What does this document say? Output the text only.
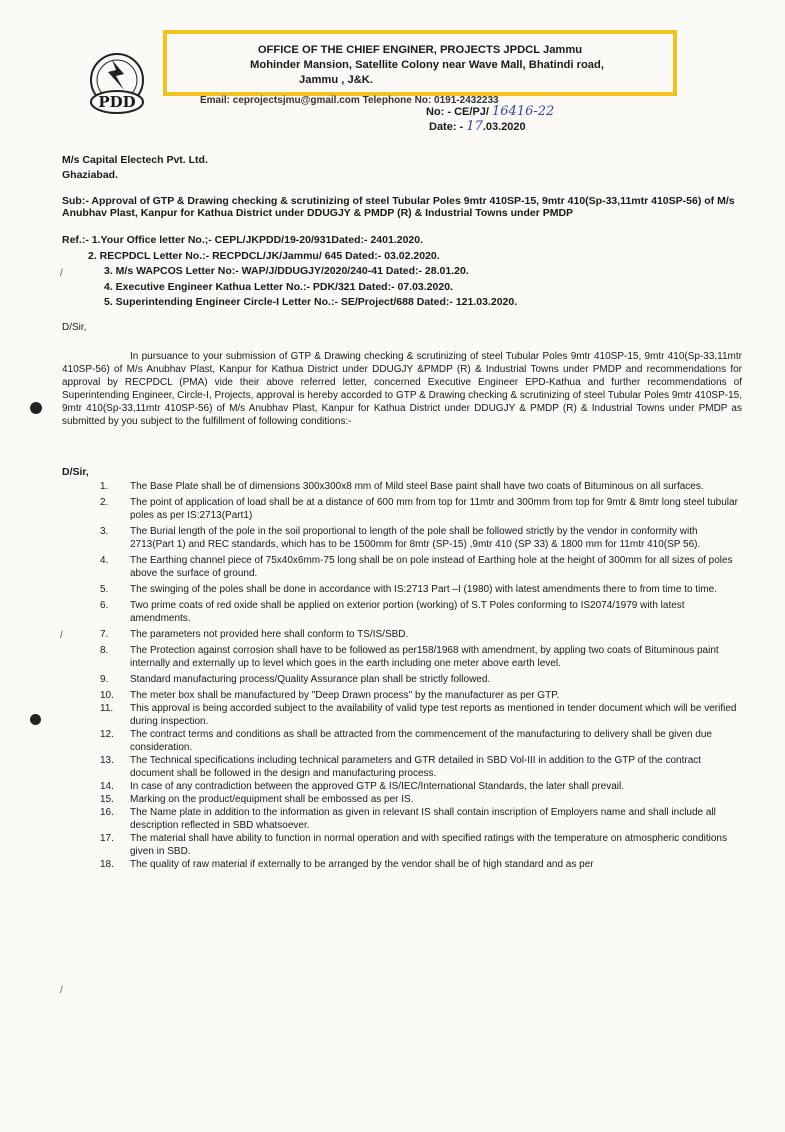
PDD
OFFICE OF THE CHIEF ENGINER, PROJECTS JPDCL Jammu
Mohinder Mansion, Satellite Colony near Wave Mall, Bhatindi road,
Jammu , J&K.
Email: ceprojectsjmu@gmail.com Telephone No: 0191-2432233
No: - CE/PJ/ 16416-22
Date: - 17.03.2020
M/s Capital Electech Pvt. Ltd.
Ghaziabad.
Sub:- Approval of GTP & Drawing checking & scrutinizing of steel Tubular Poles 9mtr 410SP-15, 9mtr 410(Sp-33,11mtr 410SP-56) of M/s Anubhav Plast, Kanpur for Kathua District under DDUGJY & PMDP (R) & Industrial Towns under PMDP
Ref.:- 1.Your Office letter No.;- CEPL/JKPDD/19-20/931Dated:- 2401.2020.
2. RECPDCL Letter No.:- RECPDCL/JK/Jammu/ 645 Dated:- 03.02.2020.
3. M/s WAPCOS Letter No:- WAP/J/DDUGJY/2020/240-41 Dated:- 28.01.20.
4. Executive Engineer Kathua Letter No.:- PDK/321 Dated:- 07.03.2020.
5. Superintending Engineer Circle-I Letter No.:- SE/Project/688 Dated:- 121.03.2020.
D/Sir,
In pursuance to your submission of GTP & Drawing checking & scrutinizing of steel Tubular Poles 9mtr 410SP-15, 9mtr 410(Sp-33,11mtr 410SP-56) of M/s Anubhav Plast, Kanpur for Kathua District under DDUGJY &PMDP (R) & Industrial Towns under PMDP and recommendations for approval by RECPDCL (PMA) vide their above referred letter, concerned Executive Engineer EPD-Kathua and further recommendations of Superintending Engineer, Circle-I, Projects, approval is hereby accorded to GTP & Drawing checking & scrutinizing of steel Tubular Poles 9mtr 410SP-15, 9mtr 410(Sp-33,11mtr 410SP-56) of M/s Anubhav Plast, Kanpur for Kathua District under DDUGJY & PMDP (R) & Industrial Towns under PMDP as submitted by you subject to the fulfillment of following conditions:-
D/Sir,
1.	The Base Plate shall be of dimensions 300x300x8 mm of Mild steel Base paint shall have two coats of Bituminous on all surfaces.
2.	The point of application of load shall be at a distance of 600 mm from top for 11mtr and 300mm from top for 9mtr & 8mtr long steel tubular poles as per IS:2713(Part1)
3.	The Burial length of the pole in the soil proportional to length of the pole shall be followed strictly by the vendor in conformity with 2713(Part 1) and REC standards, which has to be 1500mm for 8mtr (SP-15) ,9mtr 410 (SP 33) & 1800 mm for 11mtr 410(SP 56).
4.	The Earthing channel piece of 75x40x6mm-75 long shall be on pole instead of Earthing hole at the height of 300mm for all sizes of poles above the surface of ground.
5.	The swinging of the poles shall be done in accordance with IS:2713 Part –I (1980) with latest amendments there to from time to time.
6.	Two prime coats of red oxide shall be applied on exterior portion (working) of S.T Poles conforming to IS2074/1979 with latest amendments.
7.	The parameters not provided here shall conform to TS/IS/SBD.
8.	The Protection against corrosion shall have to be followed as per158/1968 with amendment, by appling two coats of Bituminous paint internally and externally up to level which goes in the earth including one meter above earth level.
9.	Standard manufacturing process/Quality Assurance plan shall be strictly followed.
10.	The meter box shall be manufactured by "Deep Drawn process" by the manufacturer as per GTP.
11.	This approval is being accorded subject to the availability of valid type test reports as mentioned in tender document which will be verified during inspection.
12.	The contract terms and conditions as shall be attracted from the commencement of the manufacturing to delivery shall be given due consideration.
13.	The Technical specifications including technical parameters and GTR detailed in SBD Vol-III in addition to the GTP of the contract document shall be followed in the design and manufacturing process.
14.	In case of any contradiction between the approved GTP & IS/IEC/International Standards, the later shall prevail.
15.	Marking on the product/equipment shall be embossed as per IS.
16.	The Name plate in addition to the information as given in relevant IS shall contain inscription of Employers name and shall include all description reflected in SBD whatsoever.
17.	The material shall have ability to function in normal operation and with specified ratings with the temperature on atmospheric conditions given in SBD.
18.	The quality of raw material if externally to be arranged by the vendor shall be of high standard and as per
/
/
/
